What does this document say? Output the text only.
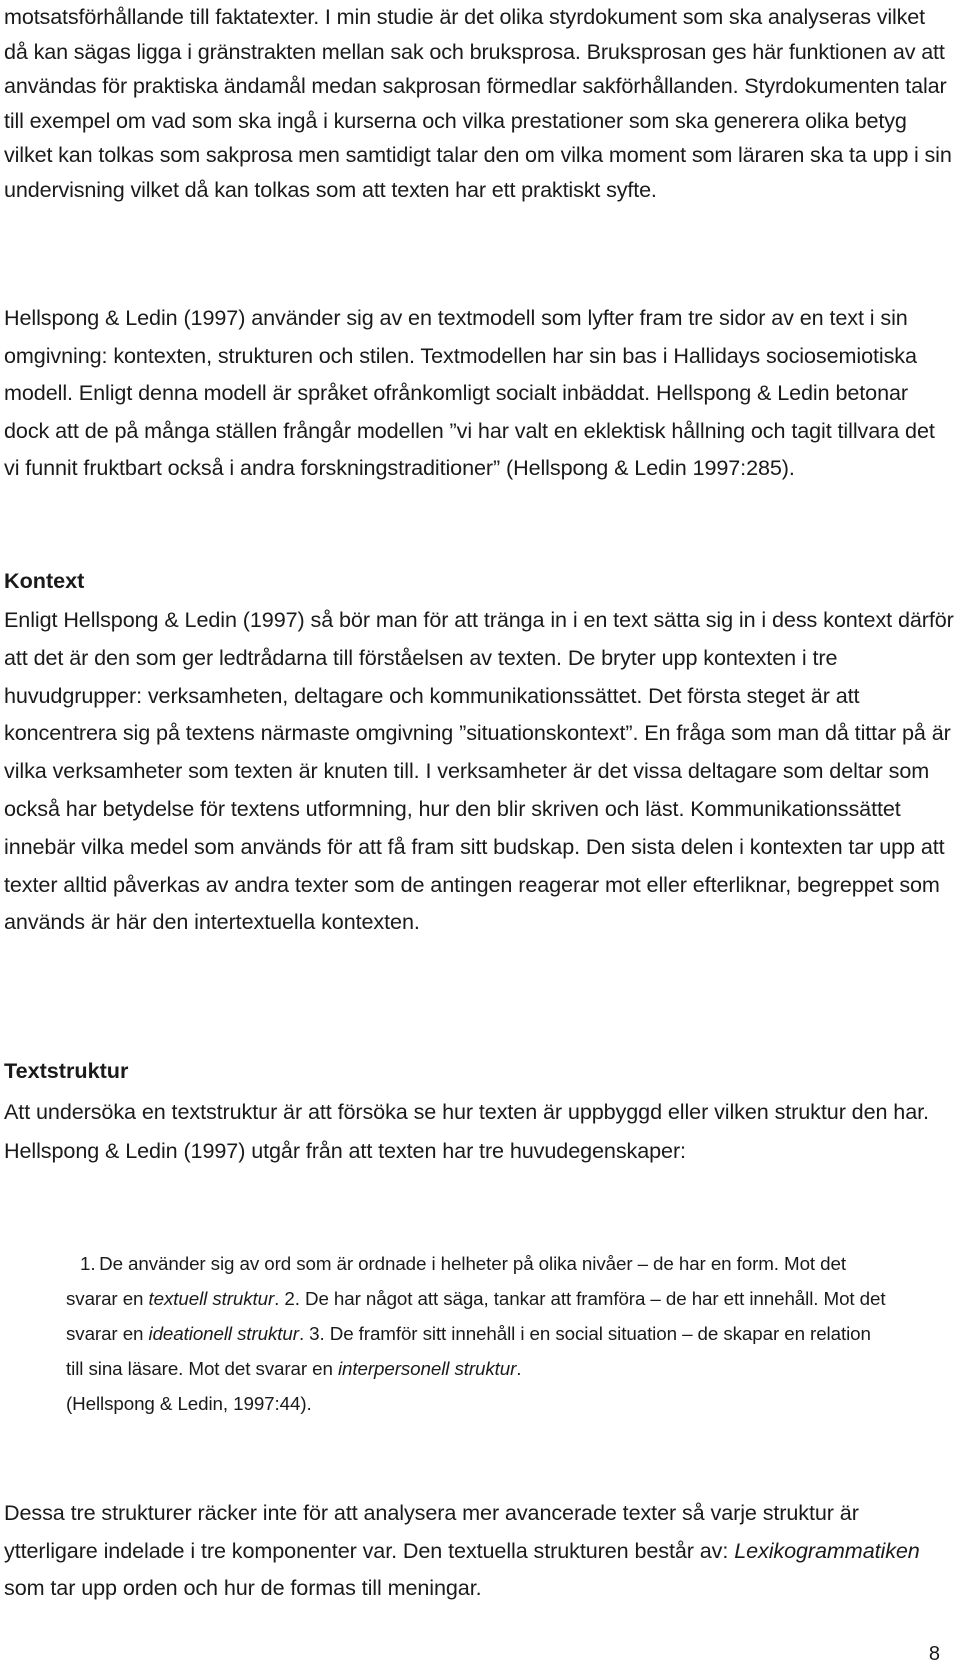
motsatsförhållande till faktatexter. I min studie är det olika styrdokument som ska analyseras vilket då kan sägas ligga i gränstrakten mellan sak och bruksprosa. Bruksprosan ges här funktionen av att användas för praktiska ändamål medan sakprosan förmedlar sakförhållanden. Styrdokumenten talar till exempel om vad som ska ingå i kurserna och vilka prestationer som ska generera olika betyg vilket kan tolkas som sakprosa men samtidigt talar den om vilka moment som läraren ska ta upp i sin undervisning vilket då kan tolkas som att texten har ett praktiskt syfte.

Hellspong & Ledin (1997) använder sig av en textmodell som lyfter fram tre sidor av en text i sin omgivning: kontexten, strukturen och stilen. Textmodellen har sin bas i Hallidays sociosemiotiska modell. Enligt denna modell är språket ofrånkomligt socialt inbäddat. Hellspong & Ledin betonar dock att de på många ställen frångår modellen ”vi har valt en eklektisk hållning och tagit tillvara det vi funnit fruktbart också i andra forskningstraditioner” (Hellspong & Ledin 1997:285).

Kontext

Enligt Hellspong & Ledin (1997) så bör man för att tränga in i en text sätta sig in i dess kontext därför att det är den som ger ledtrådarna till förståelsen av texten. De bryter upp kontexten i tre huvudgrupper: verksamheten, deltagare och kommunikationssättet. Det första steget är att koncentrera sig på textens närmaste omgivning ”situationskontext”. En fråga som man då tittar på är vilka verksamheter som texten är knuten till. I verksamheter är det vissa deltagare som deltar som också har betydelse för textens utformning, hur den blir skriven och läst. Kommunikationssättet innebär vilka medel som används för att få fram sitt budskap. Den sista delen i kontexten tar upp att texter alltid påverkas av andra texter som de antingen reagerar mot eller efterliknar, begreppet som används är här den intertextuella kontexten.

Textstruktur

Att undersöka en textstruktur är att försöka se hur texten är uppbyggd eller vilken struktur den har. Hellspong & Ledin (1997) utgår från att texten har tre huvudegenskaper:

1. De använder sig av ord som är ordnade i helheter på olika nivåer – de har en form. Mot det svarar en textuell struktur. 2. De har något att säga, tankar att framföra – de har ett innehåll. Mot det svarar en ideationell struktur. 3. De framför sitt innehåll i en social situation – de skapar en relation till sina läsare. Mot det svarar en interpersonell struktur.
(Hellspong & Ledin, 1997:44).

Dessa tre strukturer räcker inte för att analysera mer avancerade texter så varje struktur är ytterligare indelade i tre komponenter var. Den textuella strukturen består av: Lexikogrammatiken som tar upp orden och hur de formas till meningar.

8
